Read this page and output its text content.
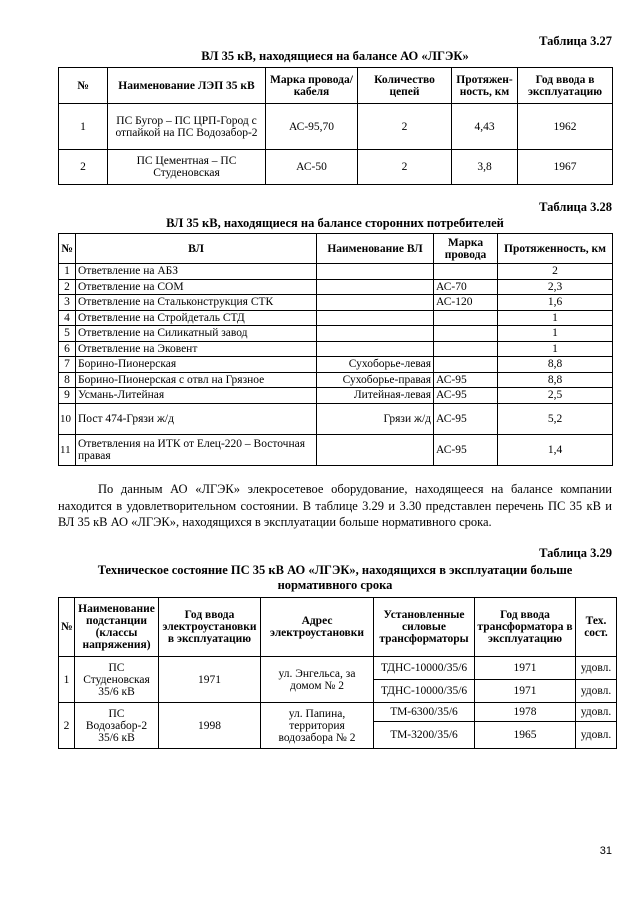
Таблица 3.27
ВЛ 35 кВ, находящиеся на балансе АО «ЛГЭК»
№	Наименование ЛЭП 35 кВ	Марка провода/кабеля	Количество цепей	Протяжен-ность, км	Год ввода в эксплуатацию
1	ПС Бугор – ПС ЦРП-Город с отпайкой на ПС Водозабор-2	АС-95,70	2	4,43	1962
2	ПС Цементная – ПС Студеновская	АС-50	2	3,8	1967
Таблица 3.28
ВЛ 35 кВ, находящиеся на балансе сторонних потребителей
№	ВЛ	Наименование ВЛ	Марка провода	Протяженность, км
1	Ответвление на АБЗ			2
2	Ответвление на СОМ		АС-70	2,3
3	Ответвление на Стальконструкция СТК		АС-120	1,6
4	Ответвление на Стройдеталь СТД			1
5	Ответвление на Силикатный завод			1
6	Ответвление на Эковент			1
7	Борино-Пионерская	Сухоборье-левая		8,8
8	Борино-Пионерская с отвл на Грязное	Сухоборье-правая	АС-95	8,8
9	Усмань-Литейная	Литейная-левая	АС-95	2,5
10	Пост 474-Грязи ж/д	Грязи ж/д	АС-95	5,2
11	Ответвления на ИТК от Елец-220 – Восточная правая		АС-95	1,4
По данным АО «ЛГЭК» элекросетевое оборудование, находящееся на балансе компании находится в удовлетворительном состоянии. В таблице 3.29 и 3.30 представлен перечень ПС 35 кВ и ВЛ 35 кВ АО «ЛГЭК», находящихся в эксплуатации больше нормативного срока.
Таблица 3.29
Техническое состояние ПС 35 кВ АО «ЛГЭК», находящихся в эксплуатации больше нормативного срока
№	Наименование подстанции (классы напряжения)	Год ввода электроустановки в эксплуатацию	Адрес электроустановки	Установленные силовые трансформаторы	Год ввода трансформатора в эксплуатацию	Тех. сост.
1	ПС Студеновская 35/6 кВ	1971	ул. Энгельса, за домом № 2	ТДНС-10000/35/6	1971	удовл.
				ТДНС-10000/35/6	1971	удовл.
2	ПС Водозабор-2 35/6 кВ	1998	ул. Папина, территория водозабора № 2	ТМ-6300/35/6	1978	удовл.
				ТМ-3200/35/6	1965	удовл.
31
